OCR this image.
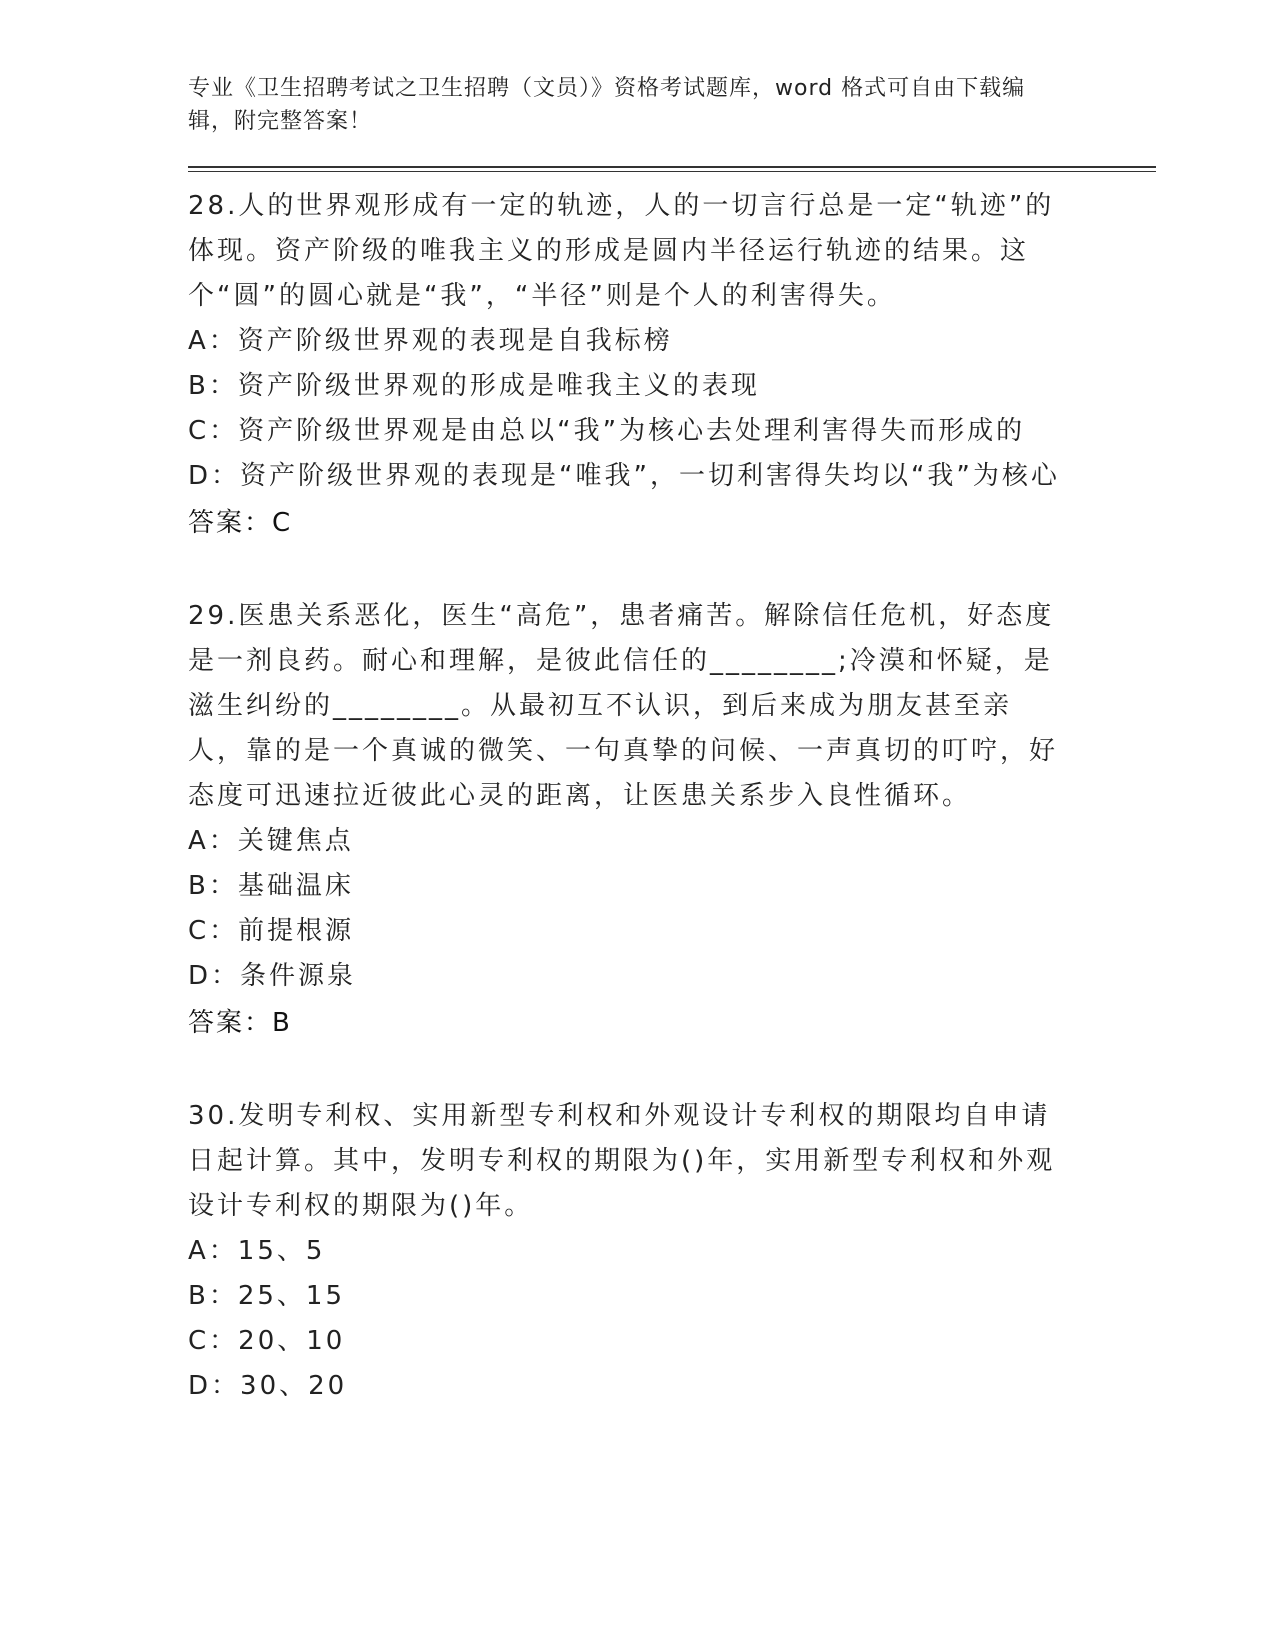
专业《卫生招聘考试之卫生招聘（文员）》资格考试题库，word 格式可自由下载编辑，附完整答案！
28.人的世界观形成有一定的轨迹，人的一切言行总是一定“轨迹”的体现。资产阶级的唯我主义的形成是圆内半径运行轨迹的结果。这个“圆”的圆心就是“我”，“半径”则是个人的利害得失。
A：资产阶级世界观的表现是自我标榜
B：资产阶级世界观的形成是唯我主义的表现
C：资产阶级世界观是由总以“我”为核心去处理利害得失而形成的
D：资产阶级世界观的表现是“唯我”，一切利害得失均以“我”为核心
答案：C
29.医患关系恶化，医生“高危”，患者痛苦。解除信任危机，好态度是一剂良药。耐心和理解，是彼此信任的________;冷漠和怀疑，是滋生纠纷的________。从最初互不认识，到后来成为朋友甚至亲人，靠的是一个真诚的微笑、一句真挚的问候、一声真切的叮咛，好态度可迅速拉近彼此心灵的距离，让医患关系步入良性循环。
A：关键焦点
B：基础温床
C：前提根源
D：条件源泉
答案：B
30.发明专利权、实用新型专利权和外观设计专利权的期限均自申请日起计算。其中，发明专利权的期限为()年，实用新型专利权和外观设计专利权的期限为()年。
A：15、5
B：25、15
C：20、10
D：30、20
